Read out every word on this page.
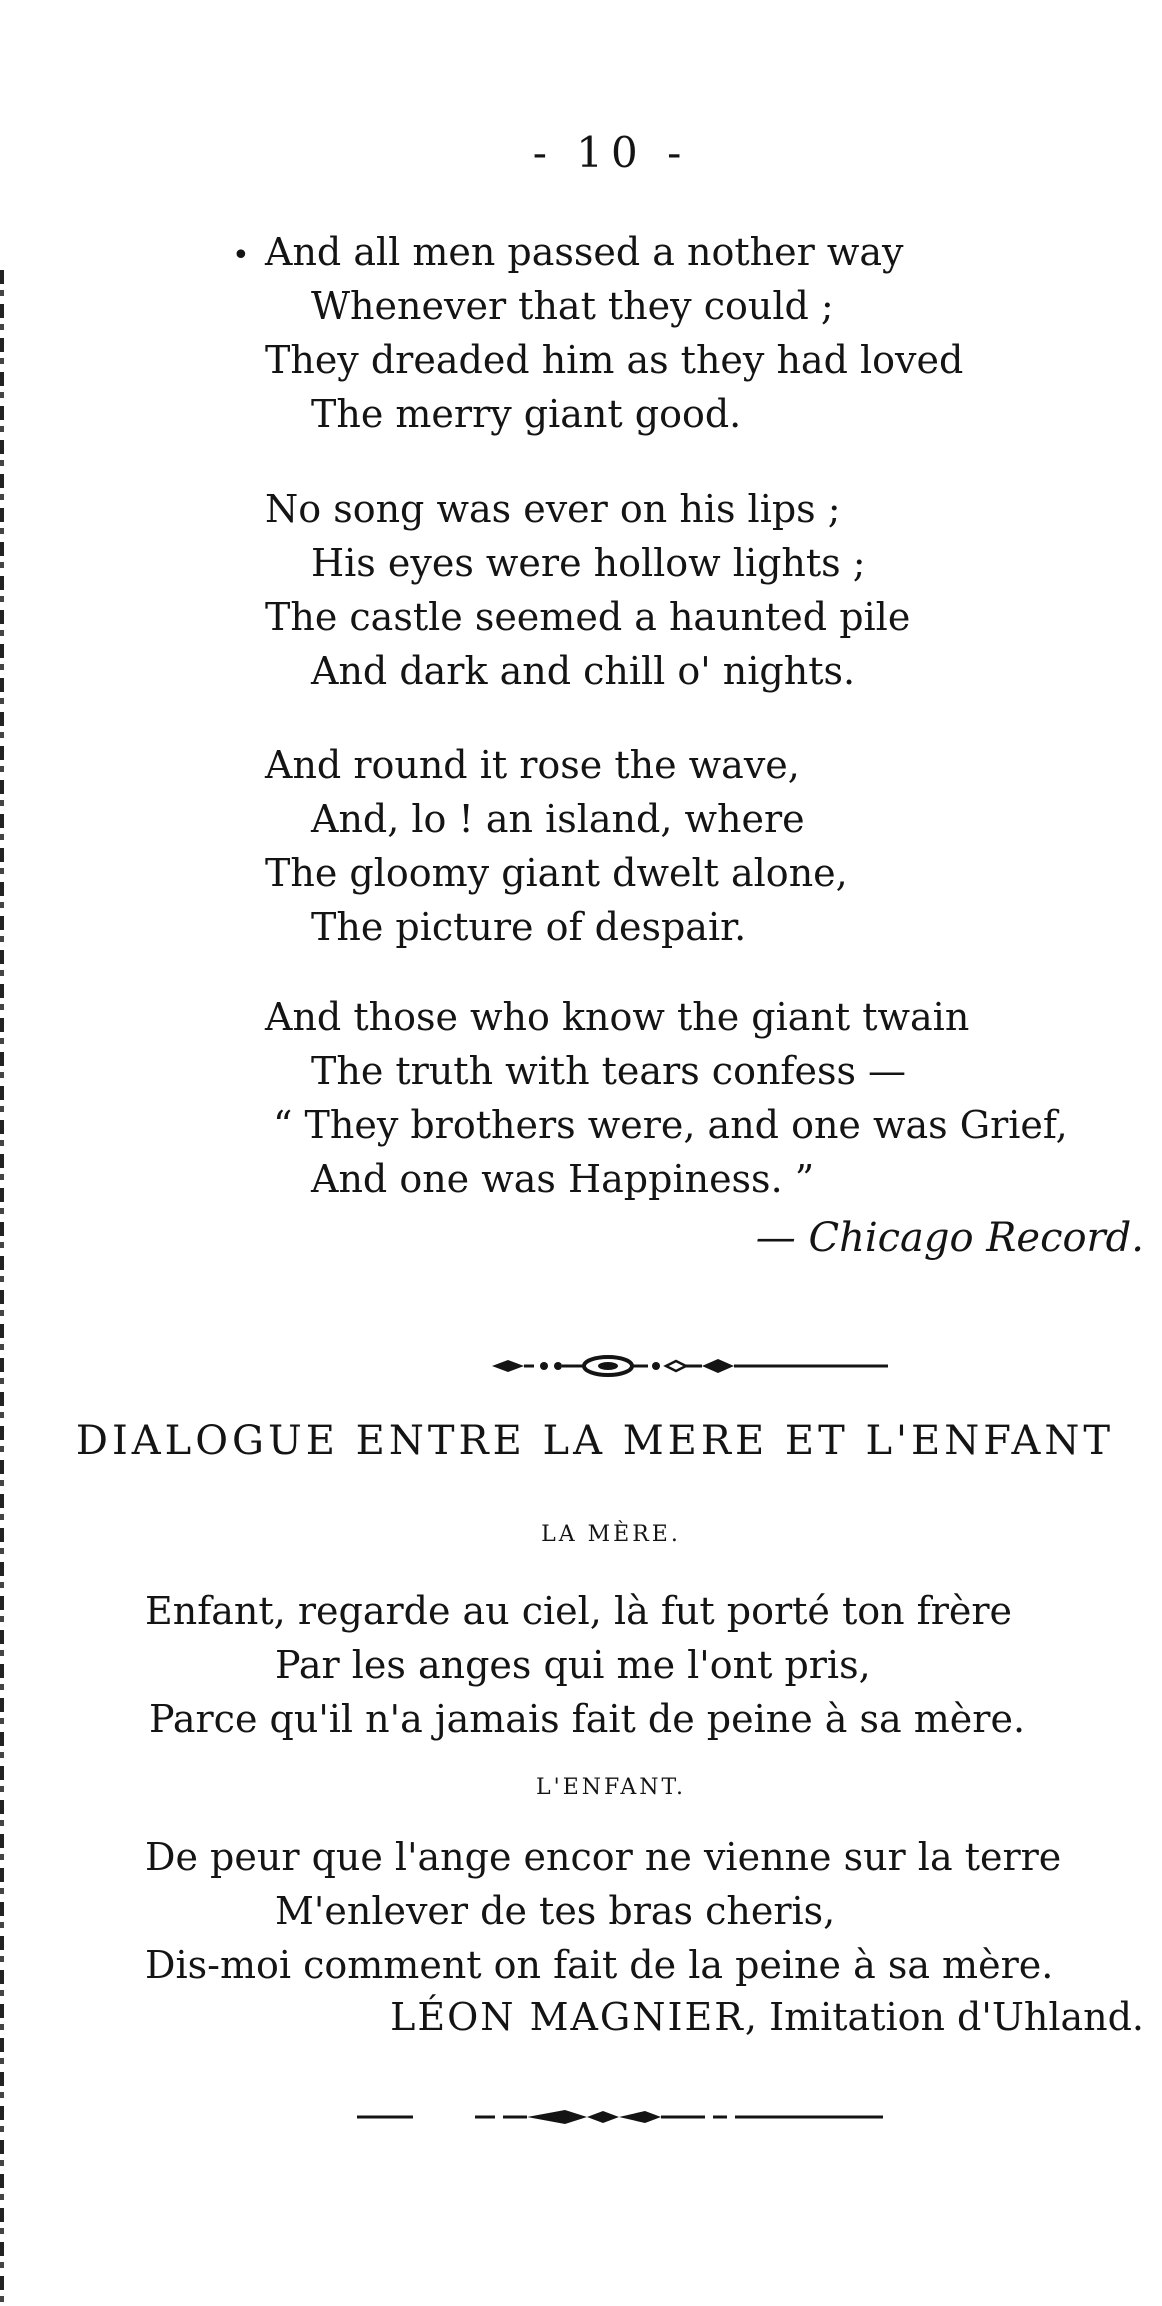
- 10 -
• And all men passed a nother way
Whenever that they could ;
They dreaded him as they had loved
The merry giant good.
No song was ever on his lips ;
His eyes were hollow lights ;
The castle seemed a haunted pile
And dark and chill o' nights.
And round it rose the wave,
And, lo ! an island, where
The gloomy giant dwelt alone,
The picture of despair.
And those who know the giant twain
The truth with tears confess —
“ They brothers were, and one was Grief,
And one was Happiness. ”
— Chicago Record.
DIALOGUE ENTRE LA MERE ET L'ENFANT
LA MÈRE.
Enfant, regarde au ciel, là fut porté ton frère
Par les anges qui me l'ont pris,
Parce qu'il n'a jamais fait de peine à sa mère.
L'ENFANT.
De peur que l'ange encor ne vienne sur la terre
M'enlever de tes bras cheris,
Dis-moi comment on fait de la peine à sa mère.
LÉON MAGNIER, Imitation d'Uhland.
